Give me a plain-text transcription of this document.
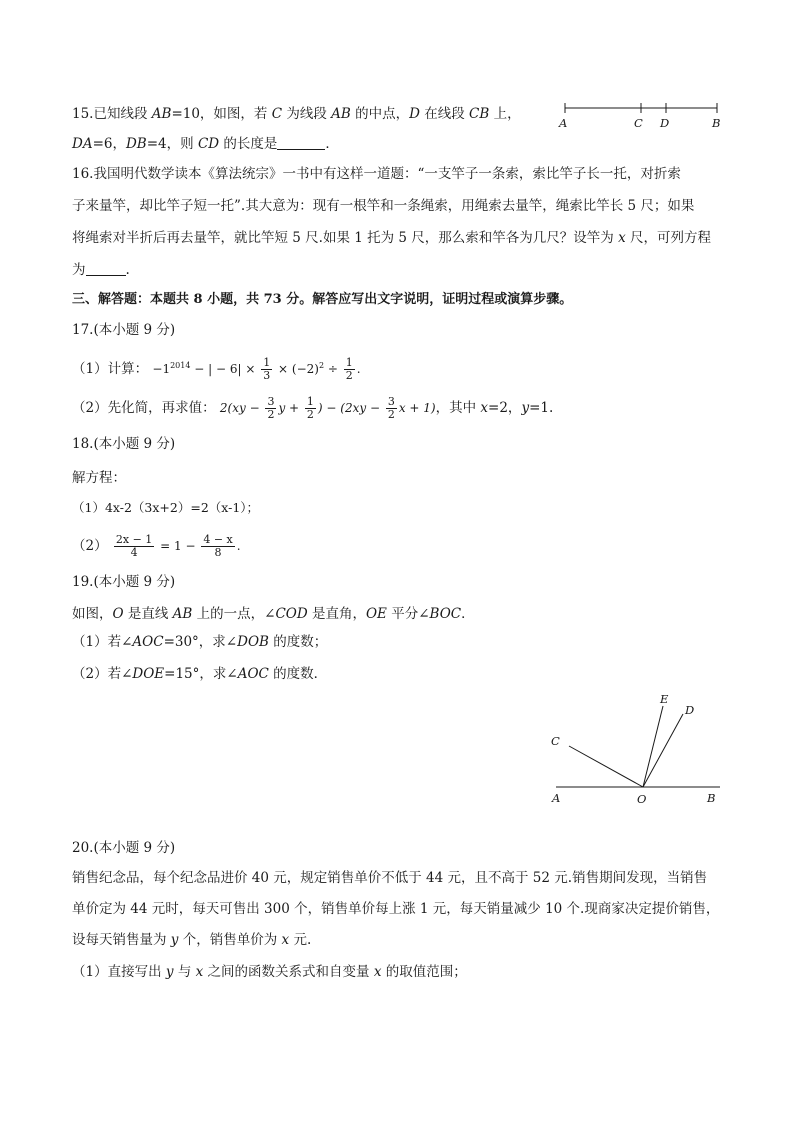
15.已知线段 AB=10，如图，若 C 为线段 AB 的中点，D 在线段 CB 上，
DA=6，DB=4，则 CD 的长度是	．
A	C D	B
16.我国明代数学读本《算法统宗》一书中有这样一道题：“一支竿子一条索，索比竿子长一托，对折索
子来量竿，却比竿子短一托”.其大意为：现有一根竿和一条绳索，用绳索去量竿，绳索比竿长 5 尺；如果
将绳索对半折后再去量竿，就比竿短 5 尺.如果 1 托为 5 尺，那么索和竿各为几尺？设竿为 x 尺，可列方程
为	.
三、解答题：本题共 8 小题，共 73 分。解答应写出文字说明，证明过程或演算步骤。
17.(本小题 9 分)
（1）计算： $-1^{2014}$ − | − $6| \times \frac{1}{3} \times (-2)^2 \div \frac{1}{2}$ .
（2）先化简，再求值： $2(xy - \frac{3}{2}$ $y + \frac{1}{2}$ ) − ($2xy - \frac{3}{2}$ x + 1)，其中 x=2，y=1.
18.(本小题 9 分)
解方程：
（1）4x-2（3x+2）=2（x-1）；
$(2) \frac{2x - 1}{4} = 1 - \frac{4 - x}{8}$ .
19.(本小题 9 分)
如图，O 是直线 AB 上的一点，∠COD 是直角，OE 平分∠BOC．
（1）若∠AOC=30°，求∠DOB 的度数；
（2）若∠DOE=15°，求∠AOC 的度数．
A	O	B
C
E
D
20.(本小题 9 分)
销售纪念品，每个纪念品进价 40 元，规定销售单价不低于 44 元，且不高于 52 元.销售期间发现，当销售
单价定为 44 元时，每天可售出 300 个，销售单价每上涨 1 元，每天销量减少 10 个.现商家决定提价销售，
设每天销售量为 y 个，销售单价为 x 元.
（1）直接写出 y 与 x 之间的函数关系式和自变量 x 的取值范围；
